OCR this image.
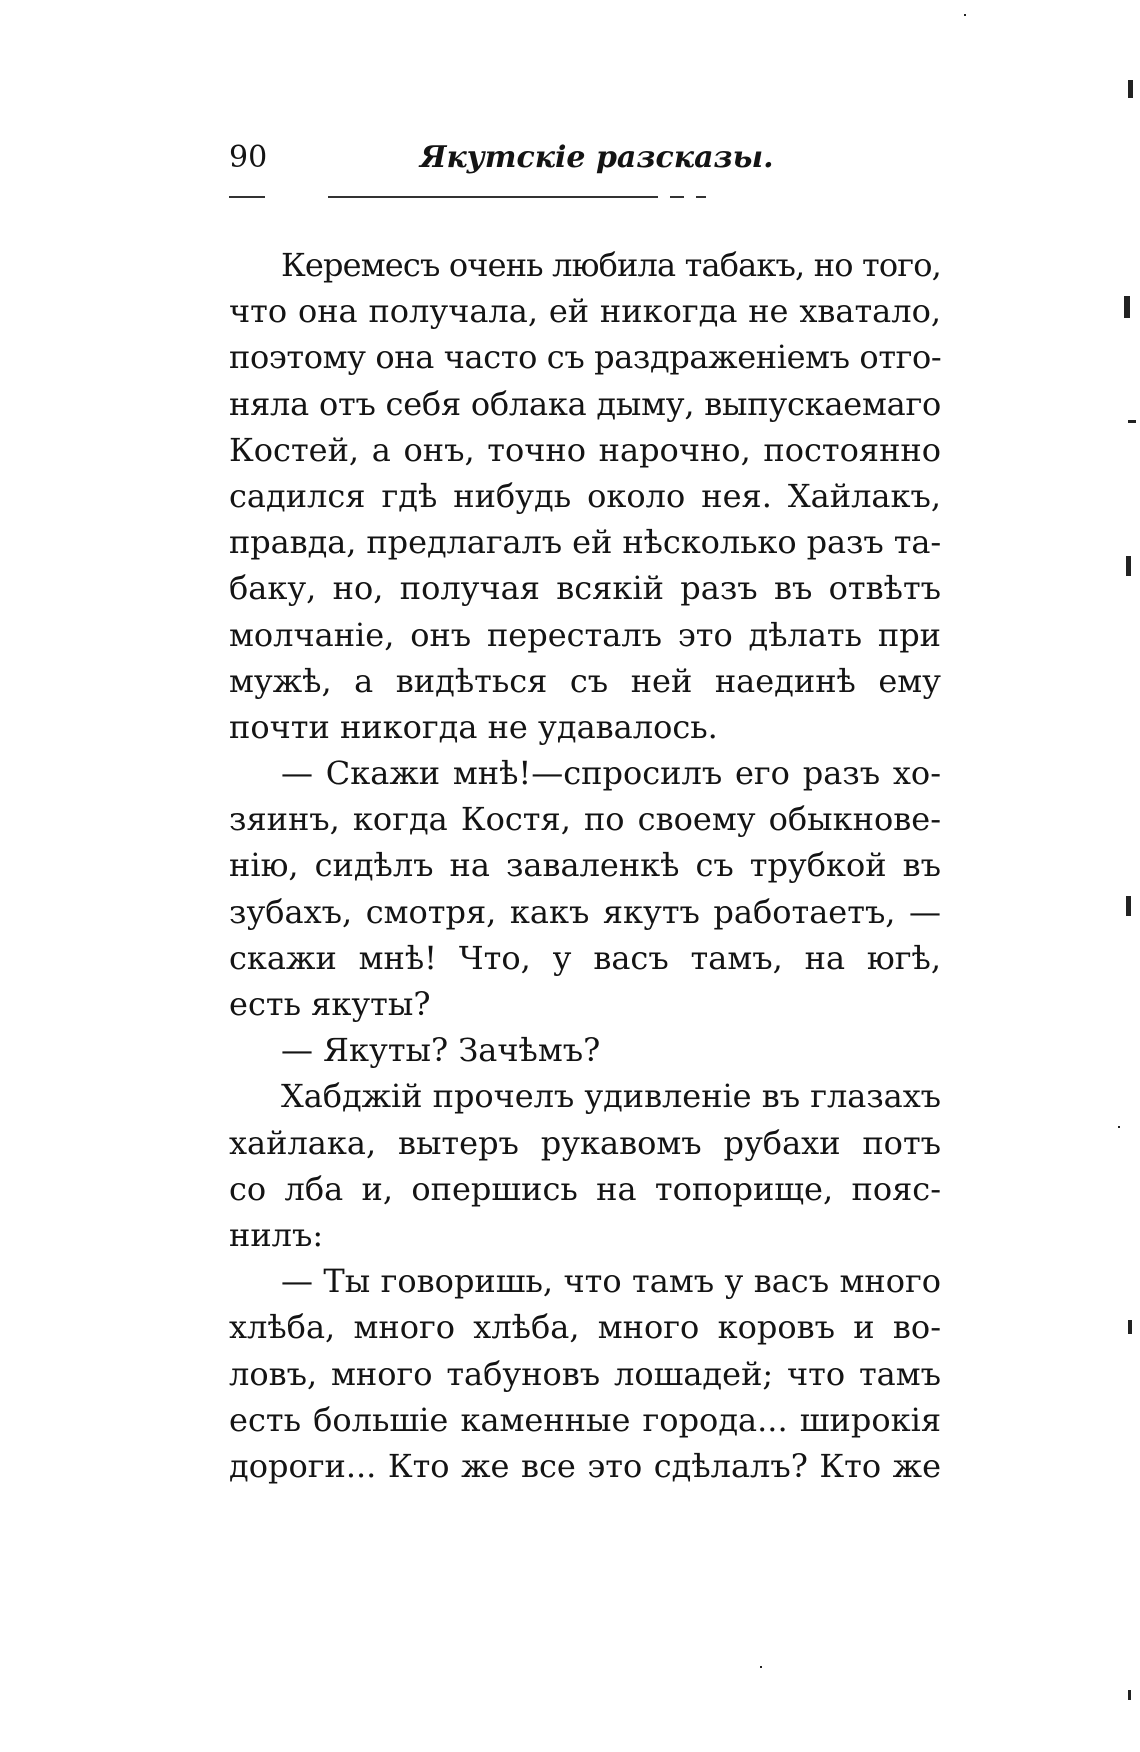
90	Якутскіе разсказы.
Керемесъ очень любила табакъ, но того,
что она получала, ей никогда не хватало,
поэтому она часто съ раздраженіемъ отго-
няла отъ себя облака дыму, выпускаемаго
Костей, а онъ, точно нарочно, постоянно
садился гдѣ нибудь около нея. Хайлакъ,
правда, предлагалъ ей нѣсколько разъ та-
баку, но, получая всякій разъ въ отвѣтъ
молчаніе, онъ пересталъ это дѣлать при
мужѣ, а видѣться съ ней наединѣ ему
почти никогда не удавалось.
— Скажи мнѣ!—спросилъ его разъ хо-
зяинъ, когда Костя, по своему обыкнове-
нію, сидѣлъ на заваленкѣ съ трубкой въ
зубахъ, смотря, какъ якутъ работаетъ, —
скажи мнѣ! Что, у васъ тамъ, на югѣ,
есть якуты?
— Якуты? Зачѣмъ?
Хабджій прочелъ удивленіе въ глазахъ
хайлака, вытеръ рукавомъ рубахи потъ
со лба и, опершись на топорище, пояс-
нилъ:
— Ты говоришь, что тамъ у васъ много
хлѣба, много хлѣба, много коровъ и во-
ловъ, много табуновъ лошадей; что тамъ
есть большіе каменные города... широкія
дороги... Кто же все это сдѣлалъ? Кто же
